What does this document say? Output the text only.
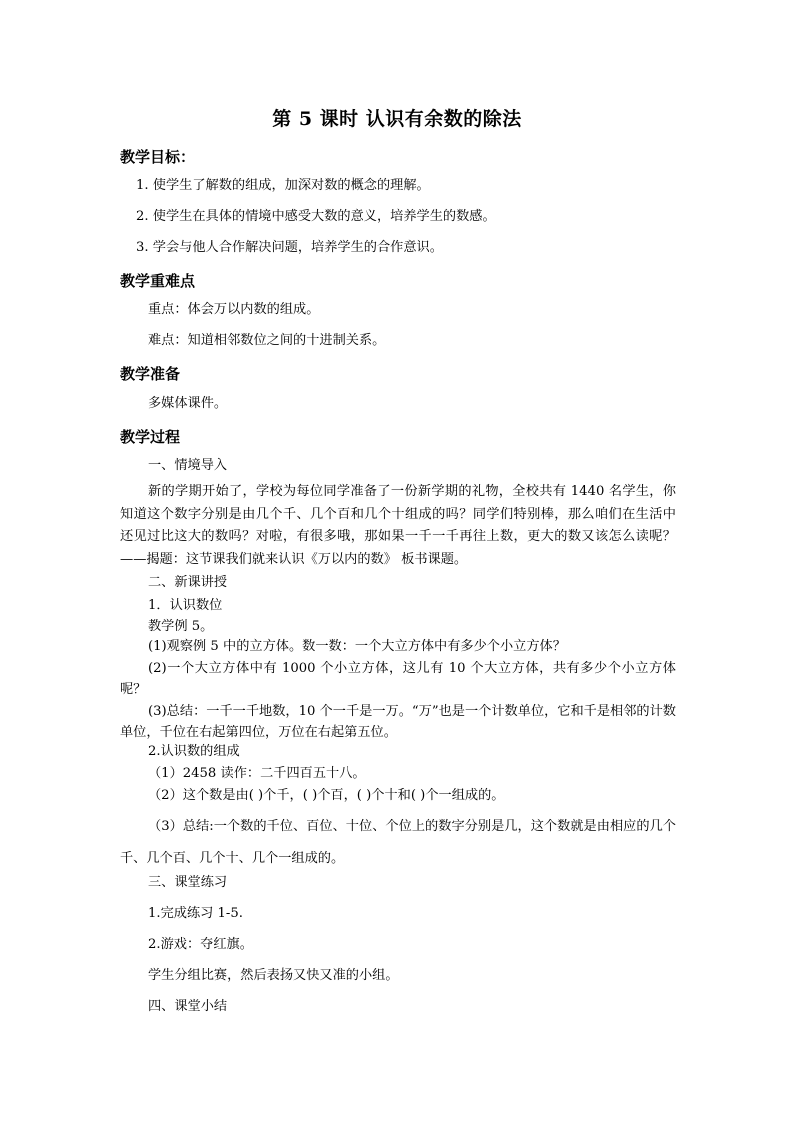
第 5 课时 认识有余数的除法
教学目标：
1. 使学生了解数的组成，加深对数的概念的理解。
2. 使学生在具体的情境中感受大数的意义，培养学生的数感。
3. 学会与他人合作解决问题，培养学生的合作意识。
教学重难点
重点：体会万以内数的组成。
难点：知道相邻数位之间的十进制关系。
教学准备
多媒体课件。
教学过程
一、情境导入
新的学期开始了，学校为每位同学准备了一份新学期的礼物，全校共有 1440 名学生，你知道这个数字分别是由几个千、几个百和几个十组成的吗？同学们特别棒，那么咱们在生活中 还见过比这大的数吗？对啦，有很多哦，那如果一千一千再往上数，更大的数又该怎么读呢？——揭题：这节课我们就来认识《万以内的数》 板书课题。
二、新课讲授
1．认识数位
教学例 5。
(1)观察例 5 中的立方体。数一数：一个大立方体中有多少个小立方体？
(2)一个大立方体中有 1000 个小立方体，这儿有 10 个大立方体，共有多少个小立方体呢？
(3)总结：一千一千地数，10 个一千是一万。“万”也是一个计数单位，它和千是相邻的计数单位，千位在右起第四位，万位在右起第五位。
2.认识数的组成
（1）2458 读作：二千四百五十八。
（2）这个数是由( )个千，( )个百，( )个十和( )个一组成的。
（3）总结:一个数的千位、百位、十位、个位上的数字分别是几，这个数就是由相应的几个千、几个百、几个十、几个一组成的。
三、课堂练习
1.完成练习 1-5.
2.游戏：夺红旗。
学生分组比赛，然后表扬又快又准的小组。
四、课堂小结
